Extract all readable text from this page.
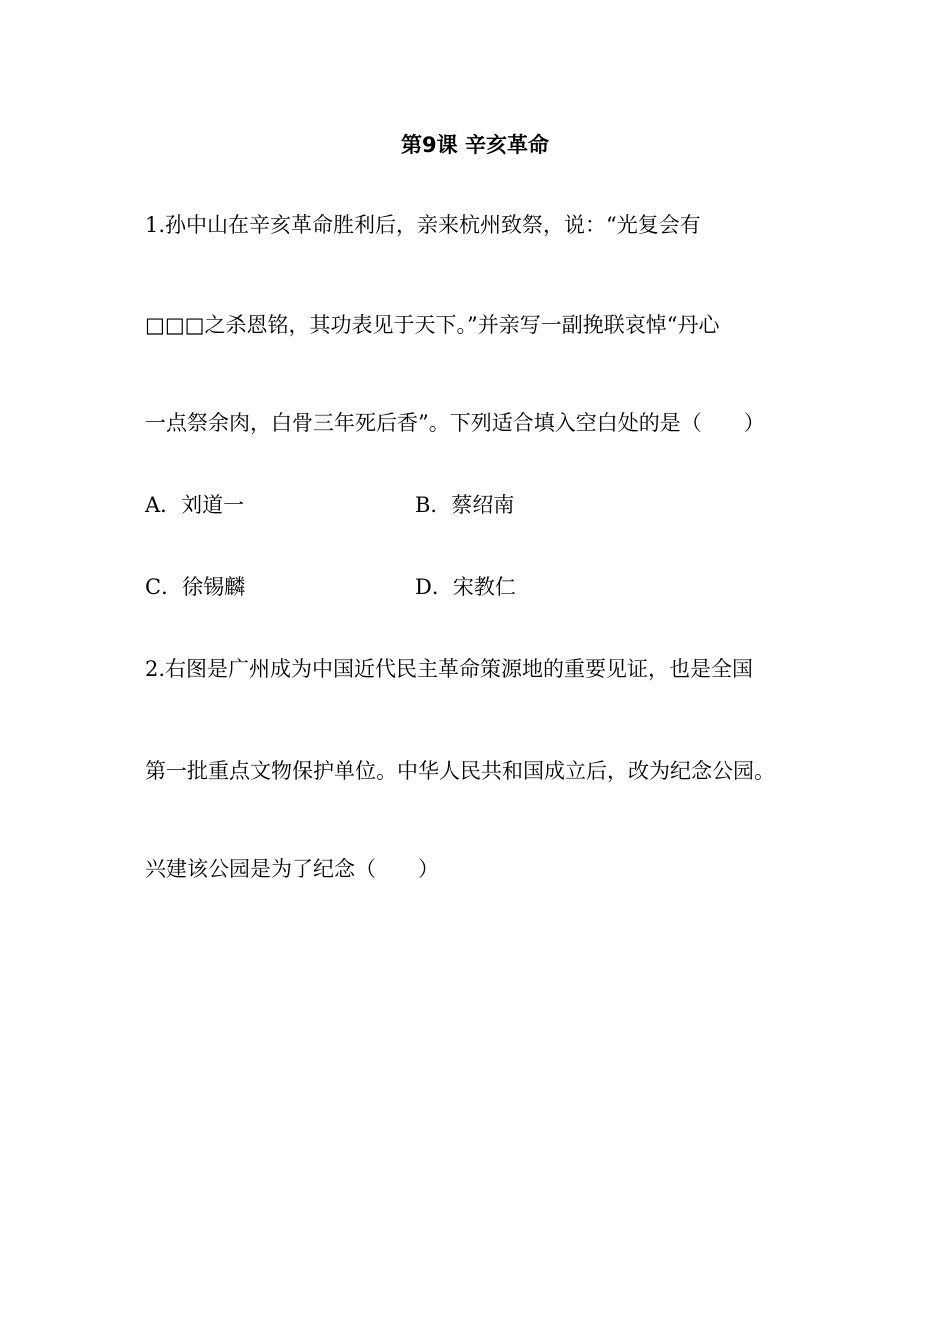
第9课 辛亥革命
1.孙中山在辛亥革命胜利后，亲来杭州致祭，说：“光复会有
□□□之杀恩铭，其功表见于天下。”并亲写一副挽联哀悼“丹心
一点祭余肉，白骨三年死后香”。下列适合填入空白处的是（　　）
A．刘道一	B．蔡绍南
C．徐锡麟	D．宋教仁
2.右图是广州成为中国近代民主革命策源地的重要见证，也是全国
第一批重点文物保护单位。中华人民共和国成立后，改为纪念公园。
兴建该公园是为了纪念（　　）
